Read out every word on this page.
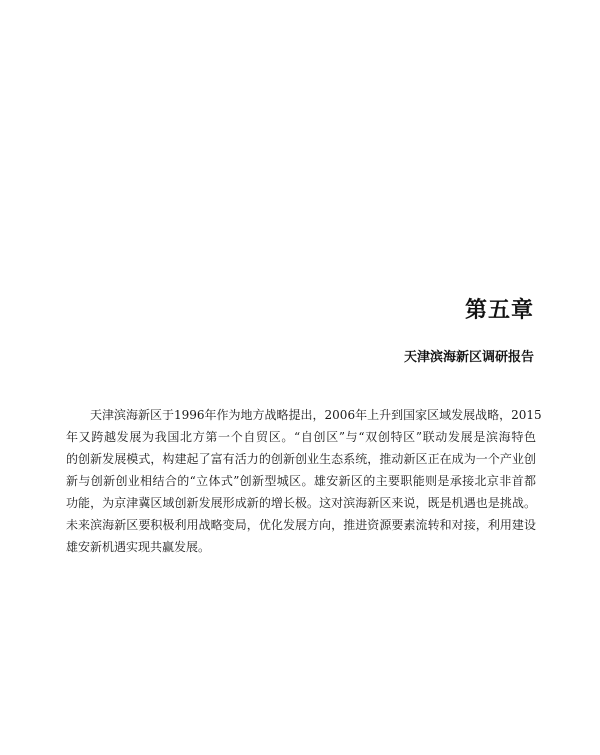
第五章
天津滨海新区调研报告
天津滨海新区于1996年作为地方战略提出，2006年上升到国家区域发展战略，2015
年又跨越发展为我国北方第一个自贸区。“自创区”与“双创特区”联动发展是滨海特色
的创新发展模式，构建起了富有活力的创新创业生态系统，推动新区正在成为一个产业创
新与创新创业相结合的“立体式”创新型城区。雄安新区的主要职能则是承接北京非首都
功能，为京津冀区域创新发展形成新的增长极。这对滨海新区来说，既是机遇也是挑战。
未来滨海新区要积极利用战略变局，优化发展方向，推进资源要素流转和对接，利用建设
雄安新机遇实现共赢发展。
